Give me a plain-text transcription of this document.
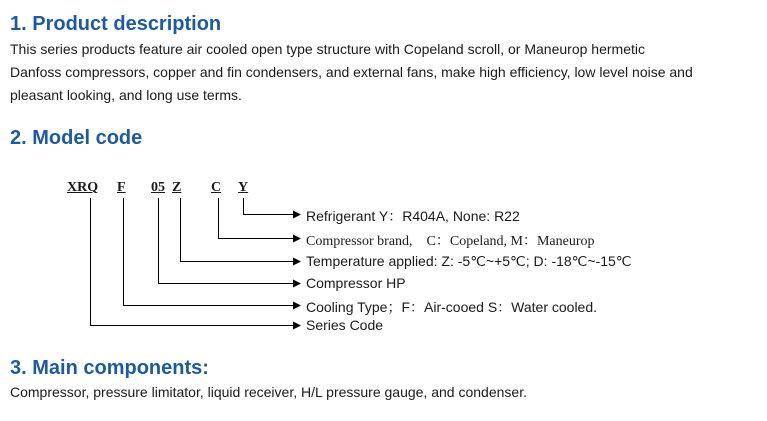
1. Product description

This series products feature air cooled open type structure with Copeland scroll, or Maneurop hermetic

Danfoss compressors, copper and fin condensers, and external fans, make high efficiency, low level noise and

pleasant looking, and long use terms.

2. Model code
XRQ F 05 Z C Y
Refrigerant Y：R404A, None: R22
Compressor brand,　C：Copeland, M：Maneurop
Temperature applied: Z: -5℃~+5℃; D: -18℃~-15℃
Compressor HP
Cooling Type；F：Air-cooed S：Water cooled.
Series Code
3. Main components:

Compressor, pressure limitator, liquid receiver, H/L pressure gauge, and condenser.
